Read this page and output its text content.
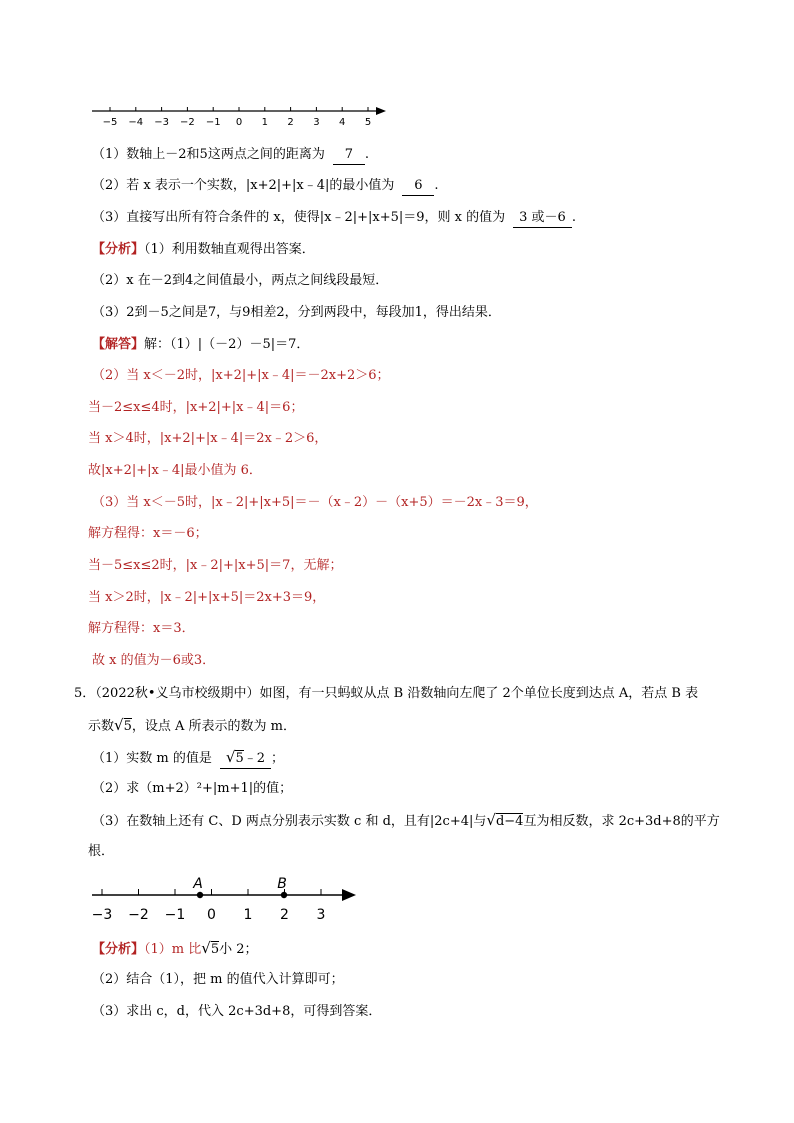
−5 −4 −3 −2 −1 0 1 2 3 4 5
（1）数轴上－2和5这两点之间的距离为 7 .
（2）若 x 表示一个实数，|x+2|+|x﹣4|的最小值为 6 .
（3）直接写出所有符合条件的 x，使得|x﹣2|+|x+5|＝9，则 x 的值为 3 或－6 .
【分析】（1）利用数轴直观得出答案．
（2）x 在－2到4之间值最小，两点之间线段最短．
（3）2到－5之间是7，与9相差2，分到两段中，每段加1，得出结果．
【解答】解：（1）|（－2）－5|＝7．
（2）当 x＜－2时，|x+2|+|x﹣4|＝－2x+2＞6；
当－2≤x≤4时，|x+2|+|x﹣4|＝6；
当 x＞4时，|x+2|+|x﹣4|＝2x﹣2＞6，
故|x+2|+|x﹣4|最小值为 6．
（3）当 x＜－5时，|x﹣2|+|x+5|＝－（x﹣2）－（x+5）＝－2x﹣3＝9，
解方程得：x＝－6；
当－5≤x≤2时，|x﹣2|+|x+5|＝7，无解；
当 x＞2时，|x﹣2|+|x+5|＝2x+3＝9，
解方程得：x＝3．
故 x 的值为－6或3．
5．（2022秋•义乌市校级期中）如图，有一只蚂蚁从点 B 沿数轴向左爬了 2个单位长度到达点 A，若点 B 表
示数√5，设点 A 所表示的数为 m．
（1）实数 m 的值是 √5﹣2 ；
（2）求（m+2）²+|m+1|的值；
（3）在数轴上还有 C、D 两点分别表示实数 c 和 d，且有|2c+4|与√d−4互为相反数，求 2c+3d+8的平方
根．
−3 −2 −1 0 1 2 3
A	B
【分析】（1）m 比√5小 2；
（2）结合（1），把 m 的值代入计算即可；
（3）求出 c，d，代入 2c+3d+8，可得到答案．
